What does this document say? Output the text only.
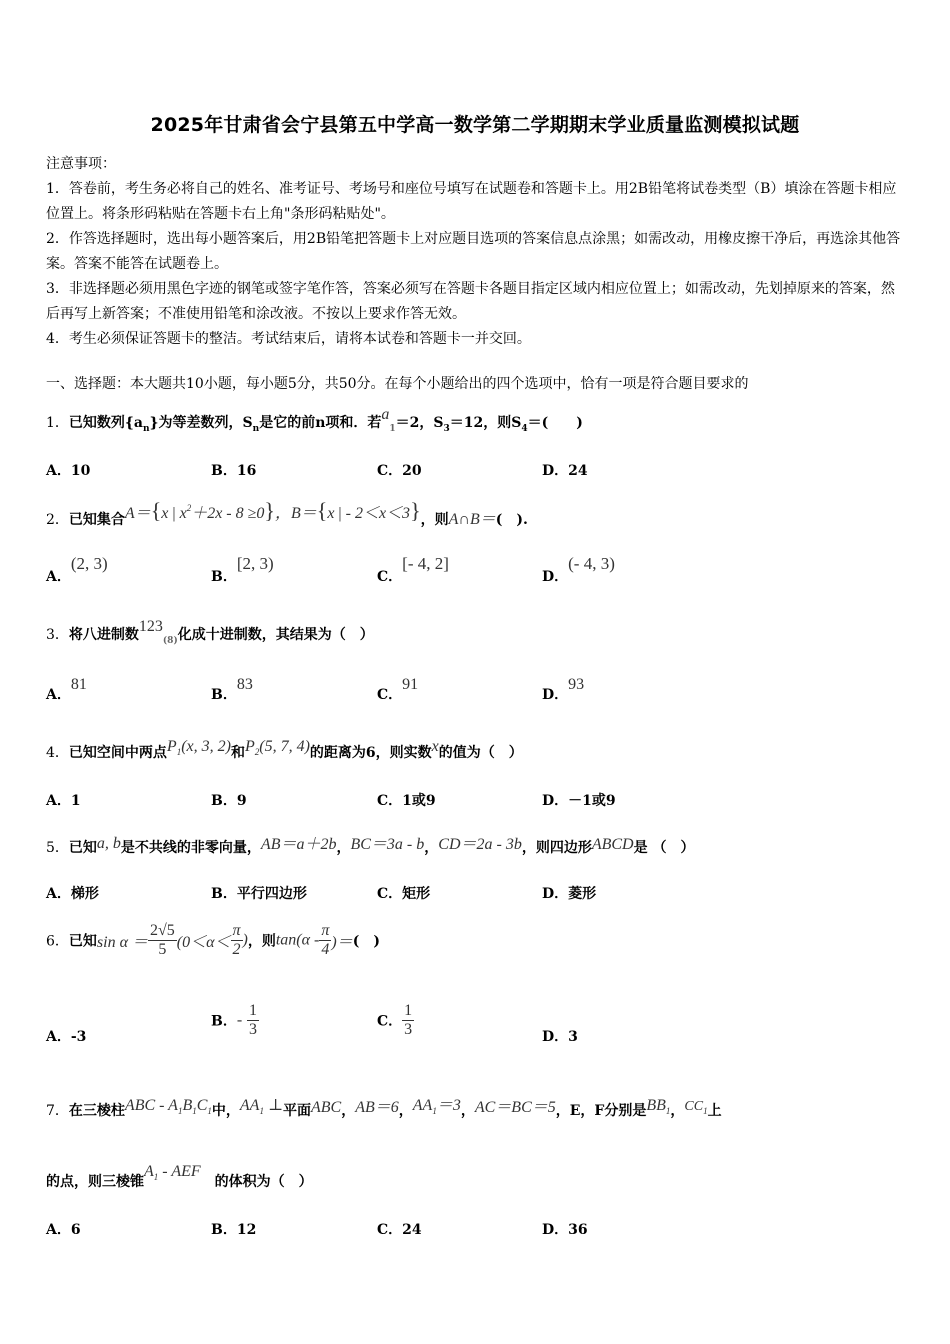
2025年甘肃省会宁县第五中学高一数学第二学期期末学业质量监测模拟试题

注意事项：

1．答卷前，考生务必将自己的姓名、准考证号、考场号和座位号填写在试题卷和答题卡上。用2B铅笔将试卷类型（B）填涂在答题卡相应位置上。将条形码粘贴在答题卡右上角"条形码粘贴处"。

2．作答选择题时，选出每小题答案后，用2B铅笔把答题卡上对应题目选项的答案信息点涂黑；如需改动，用橡皮擦干净后，再选涂其他答案。答案不能答在试题卷上。

3．非选择题必须用黑色字迹的钢笔或签字笔作答，答案必须写在答题卡各题目指定区域内相应位置上；如需改动，先划掉原来的答案，然后再写上新答案；不准使用铅笔和涂改液。不按以上要求作答无效。

4．考生必须保证答题卡的整洁。考试结束后，请将本试卷和答题卡一并交回。

一、选择题：本大题共10小题，每小题5分，共50分。在每个小题给出的四个选项中，恰有一项是符合题目要求的
1．已知数列$\{a_n\}$为等差数列，$S_n$是它的前n项和．若$a_1=2$，$S_3=12$，则$S_4=$(　　)
A．10	B．16	C．20	D．24
2．已知集合A＝{x | $x^2+2x - 8 \ge 0$}，B＝{x | - 2＜x＜3}，则A∩B＝(　).
A．(2, 3)
B．[2, 3)
C．[- 4, 2]
D．(- 4, 3)
3．将八进制数$123_{(8)}$化成十进制数，其结果为（　）
A．81
B．83
C．91
D．93
4．已知空间中两点$P_1(x$, 3, 2)和$P_2(5$, 7, 4)的距离为6，则实数x的值为（　）
A．1	B．9	C．1或9	D．－1或9
5．已知a, b是不共线的非零向量，AB＝a＋2b，BC＝3a - b，CD＝2a - 3b，则四边形ABCD是 （　）
A．梯形	B．平行四边形	C．矩形	D．菱形
6．已知$\sin \alpha = \frac{2√5}{5} (0<\alpha< \frac{\pi}{2}$ )，则$\tan(\alpha - \frac{\pi}{4}$ )＝(　)
A．-3
B．- $\frac{1}{3}$	C． $\frac{1}{3}$	D．3
7．在三棱柱ABC - $A_1B_1C_1$中，$AA_1$ ⊥平面ABC，AB＝6，$AA_1=3$，AC＝BC＝5，E，F分别是$BB_1$，$CC_1$上
的点，则三棱锥$A_1$ - AEF　的体积为（　）
A．6	B．12	C．24	D．36
